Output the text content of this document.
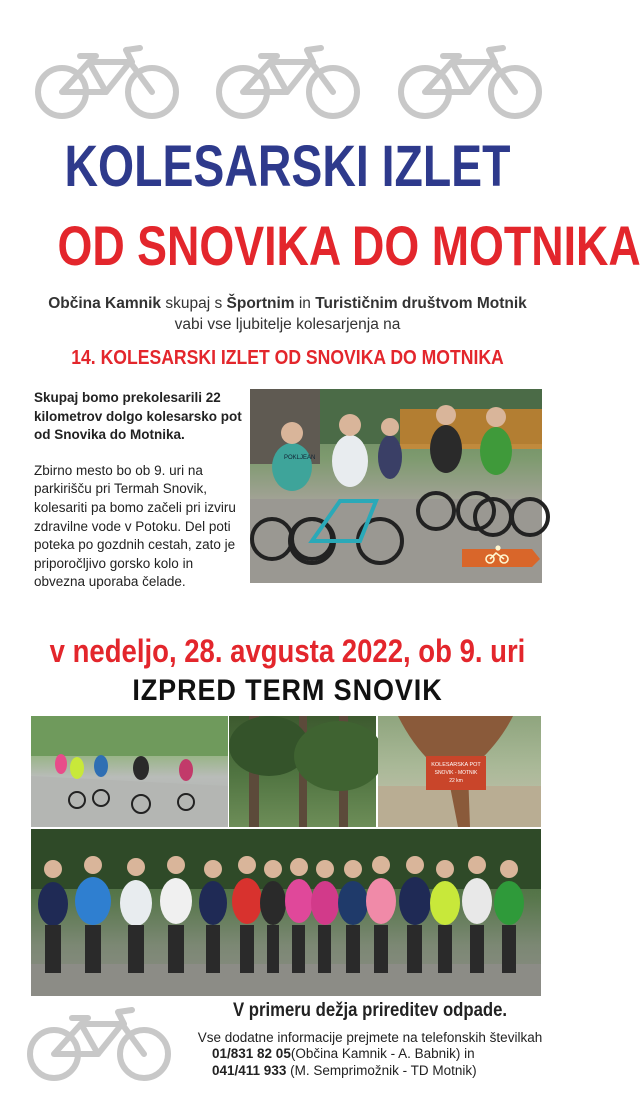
KOLESARSKI IZLET
OD SNOVIKA DO MOTNIKA
Občina Kamnik skupaj s Športnim in Turističnim društvom Motnik
vabi vse ljubitelje kolesarjenja na
14. KOLESARSKI IZLET OD SNOVIKA DO MOTNIKA

Skupaj bomo prekolesarili 22 kilometrov dolgo kolesarsko pot od Snovika do Motnika.

Zbirno mesto bo ob 9. uri na parkirišču pri Termah Snovik, kolesariti pa bomo začeli pri izviru zdravilne vode v Potoku. Del poti poteka po gozdnih cestah, zato je priporočljivo gorsko kolo in obvezna uporaba čelade.

POKLJEAN
v nedeljo, 28. avgusta 2022, ob 9. uri
IZPRED TERM SNOVIK
KOLESARSKA POT
SNOVIK - MOTNIK
22 km
V primeru dežja prireditev odpade.
Vse dodatne informacije prejmete na telefonskih številkah
01/831 82 05(Občina Kamnik - A. Babnik) in
041/411 933 (M. Semprimožnik - TD Motnik)
